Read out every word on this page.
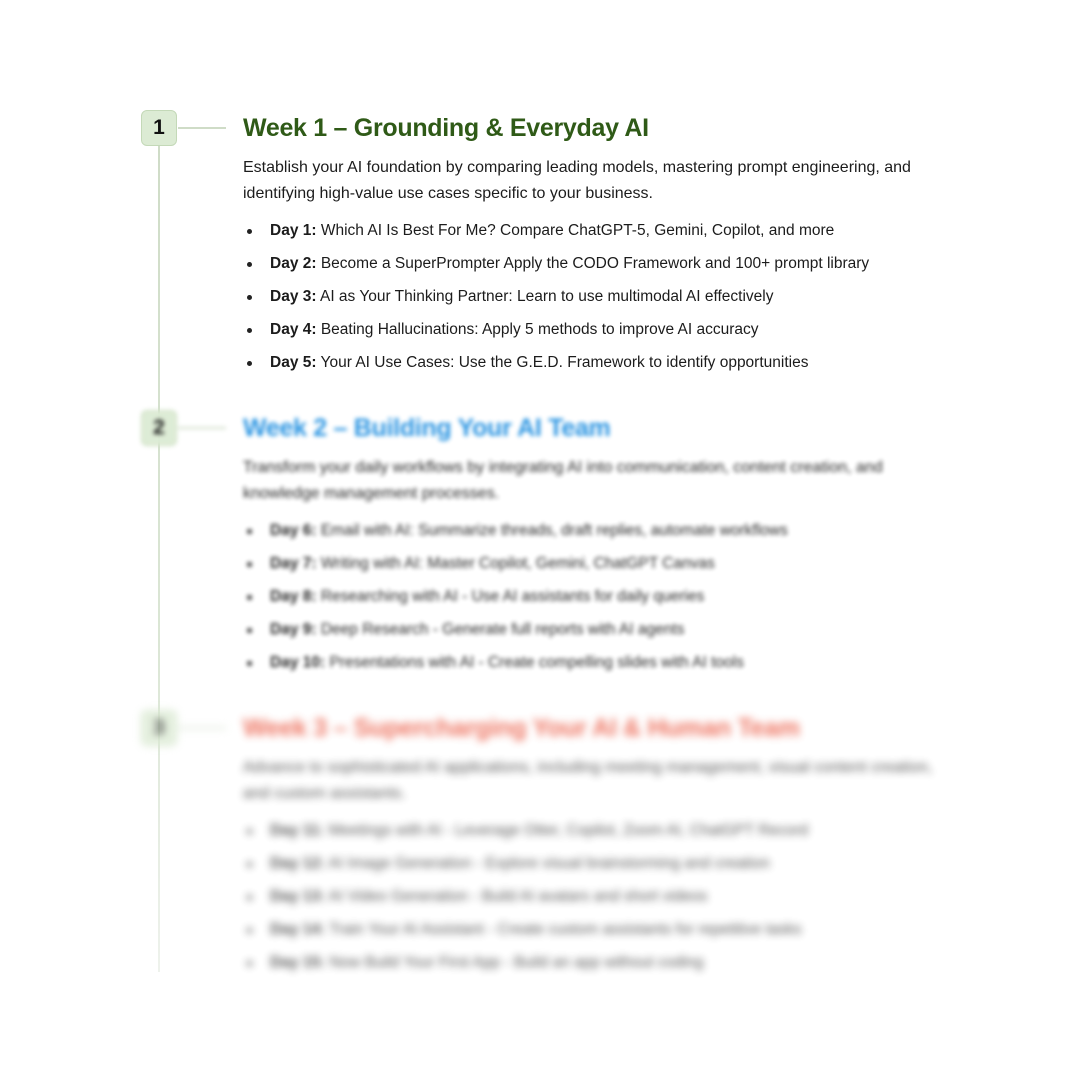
1	Week 1 – Grounding & Everyday AI

Establish your AI foundation by comparing leading models, mastering prompt engineering, and identifying high-value use cases specific to your business.

Day 1: Which AI Is Best For Me? Compare ChatGPT-5, Gemini, Copilot, and more
Day 2: Become a SuperPrompter Apply the CODO Framework and 100+ prompt library
Day 3: AI as Your Thinking Partner: Learn to use multimodal AI effectively
Day 4: Beating Hallucinations: Apply 5 methods to improve AI accuracy
Day 5: Your AI Use Cases: Use the G.E.D. Framework to identify opportunities
2	Week 2 – Building Your AI Team

Transform your daily workflows by integrating AI into communication, content creation, and knowledge management processes.

Day 6: Email with AI: Summarize threads, draft replies, automate workflows
Day 7: Writing with AI: Master Copilot, Gemini, ChatGPT Canvas
Day 8: Researching with AI - Use AI assistants for daily queries
Day 9: Deep Research - Generate full reports with AI agents
Day 10: Presentations with AI - Create compelling slides with AI tools
3	Week 3 – Supercharging Your AI & Human Team

Advance to sophisticated AI applications, including meeting management, visual content creation, and custom assistants.

Day 11: Meetings with AI - Leverage Otter, Copilot, Zoom AI, ChatGPT Record
Day 12: AI Image Generation - Explore visual brainstorming and creation
Day 13: AI Video Generation - Build AI avatars and short videos
Day 14: Train Your AI Assistant - Create custom assistants for repetitive tasks
Day 15: Now Build Your First App - Build an app without coding
